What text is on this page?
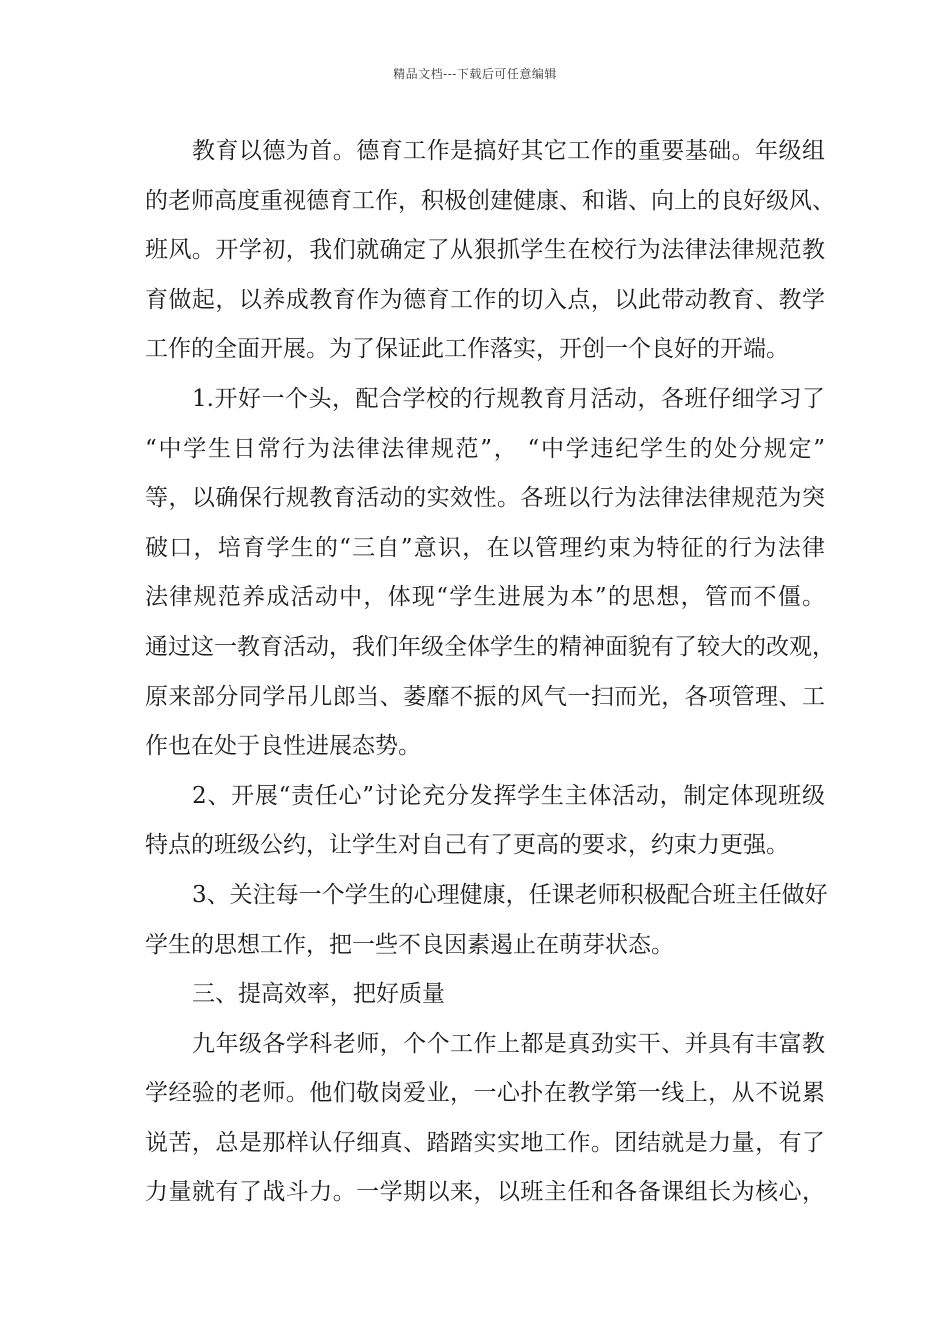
精品文档---下载后可任意编辑
教育以德为首。德育工作是搞好其它工作的重要基础。年级组
的老师高度重视德育工作，积极创建健康、和谐、向上的良好级风、
班风。开学初，我们就确定了从狠抓学生在校行为法律法律规范教
育做起，以养成教育作为德育工作的切入点，以此带动教育、教学
工作的全面开展。为了保证此工作落实，开创一个良好的开端。
1.开好一个头，配合学校的行规教育月活动，各班仔细学习了
“中学生日常行为法律法律规范”， “中学违纪学生的处分规定”
等，以确保行规教育活动的实效性。各班以行为法律法律规范为突
破口，培育学生的“三自”意识，在以管理约束为特征的行为法律
法律规范养成活动中，体现“学生进展为本”的思想，管而不僵。
通过这一教育活动，我们年级全体学生的精神面貌有了较大的改观，
原来部分同学吊儿郎当、萎靡不振的风气一扫而光，各项管理、工
作也在处于良性进展态势。
2、开展“责任心”讨论充分发挥学生主体活动，制定体现班级
特点的班级公约，让学生对自己有了更高的要求，约束力更强。
3、关注每一个学生的心理健康，任课老师积极配合班主任做好
学生的思想工作，把一些不良因素遏止在萌芽状态。
三、提高效率，把好质量
九年级各学科老师，个个工作上都是真劲实干、并具有丰富教
学经验的老师。他们敬岗爱业，一心扑在教学第一线上，从不说累
说苦，总是那样认仔细真、踏踏实实地工作。团结就是力量，有了
力量就有了战斗力。一学期以来，以班主任和各备课组长为核心，
